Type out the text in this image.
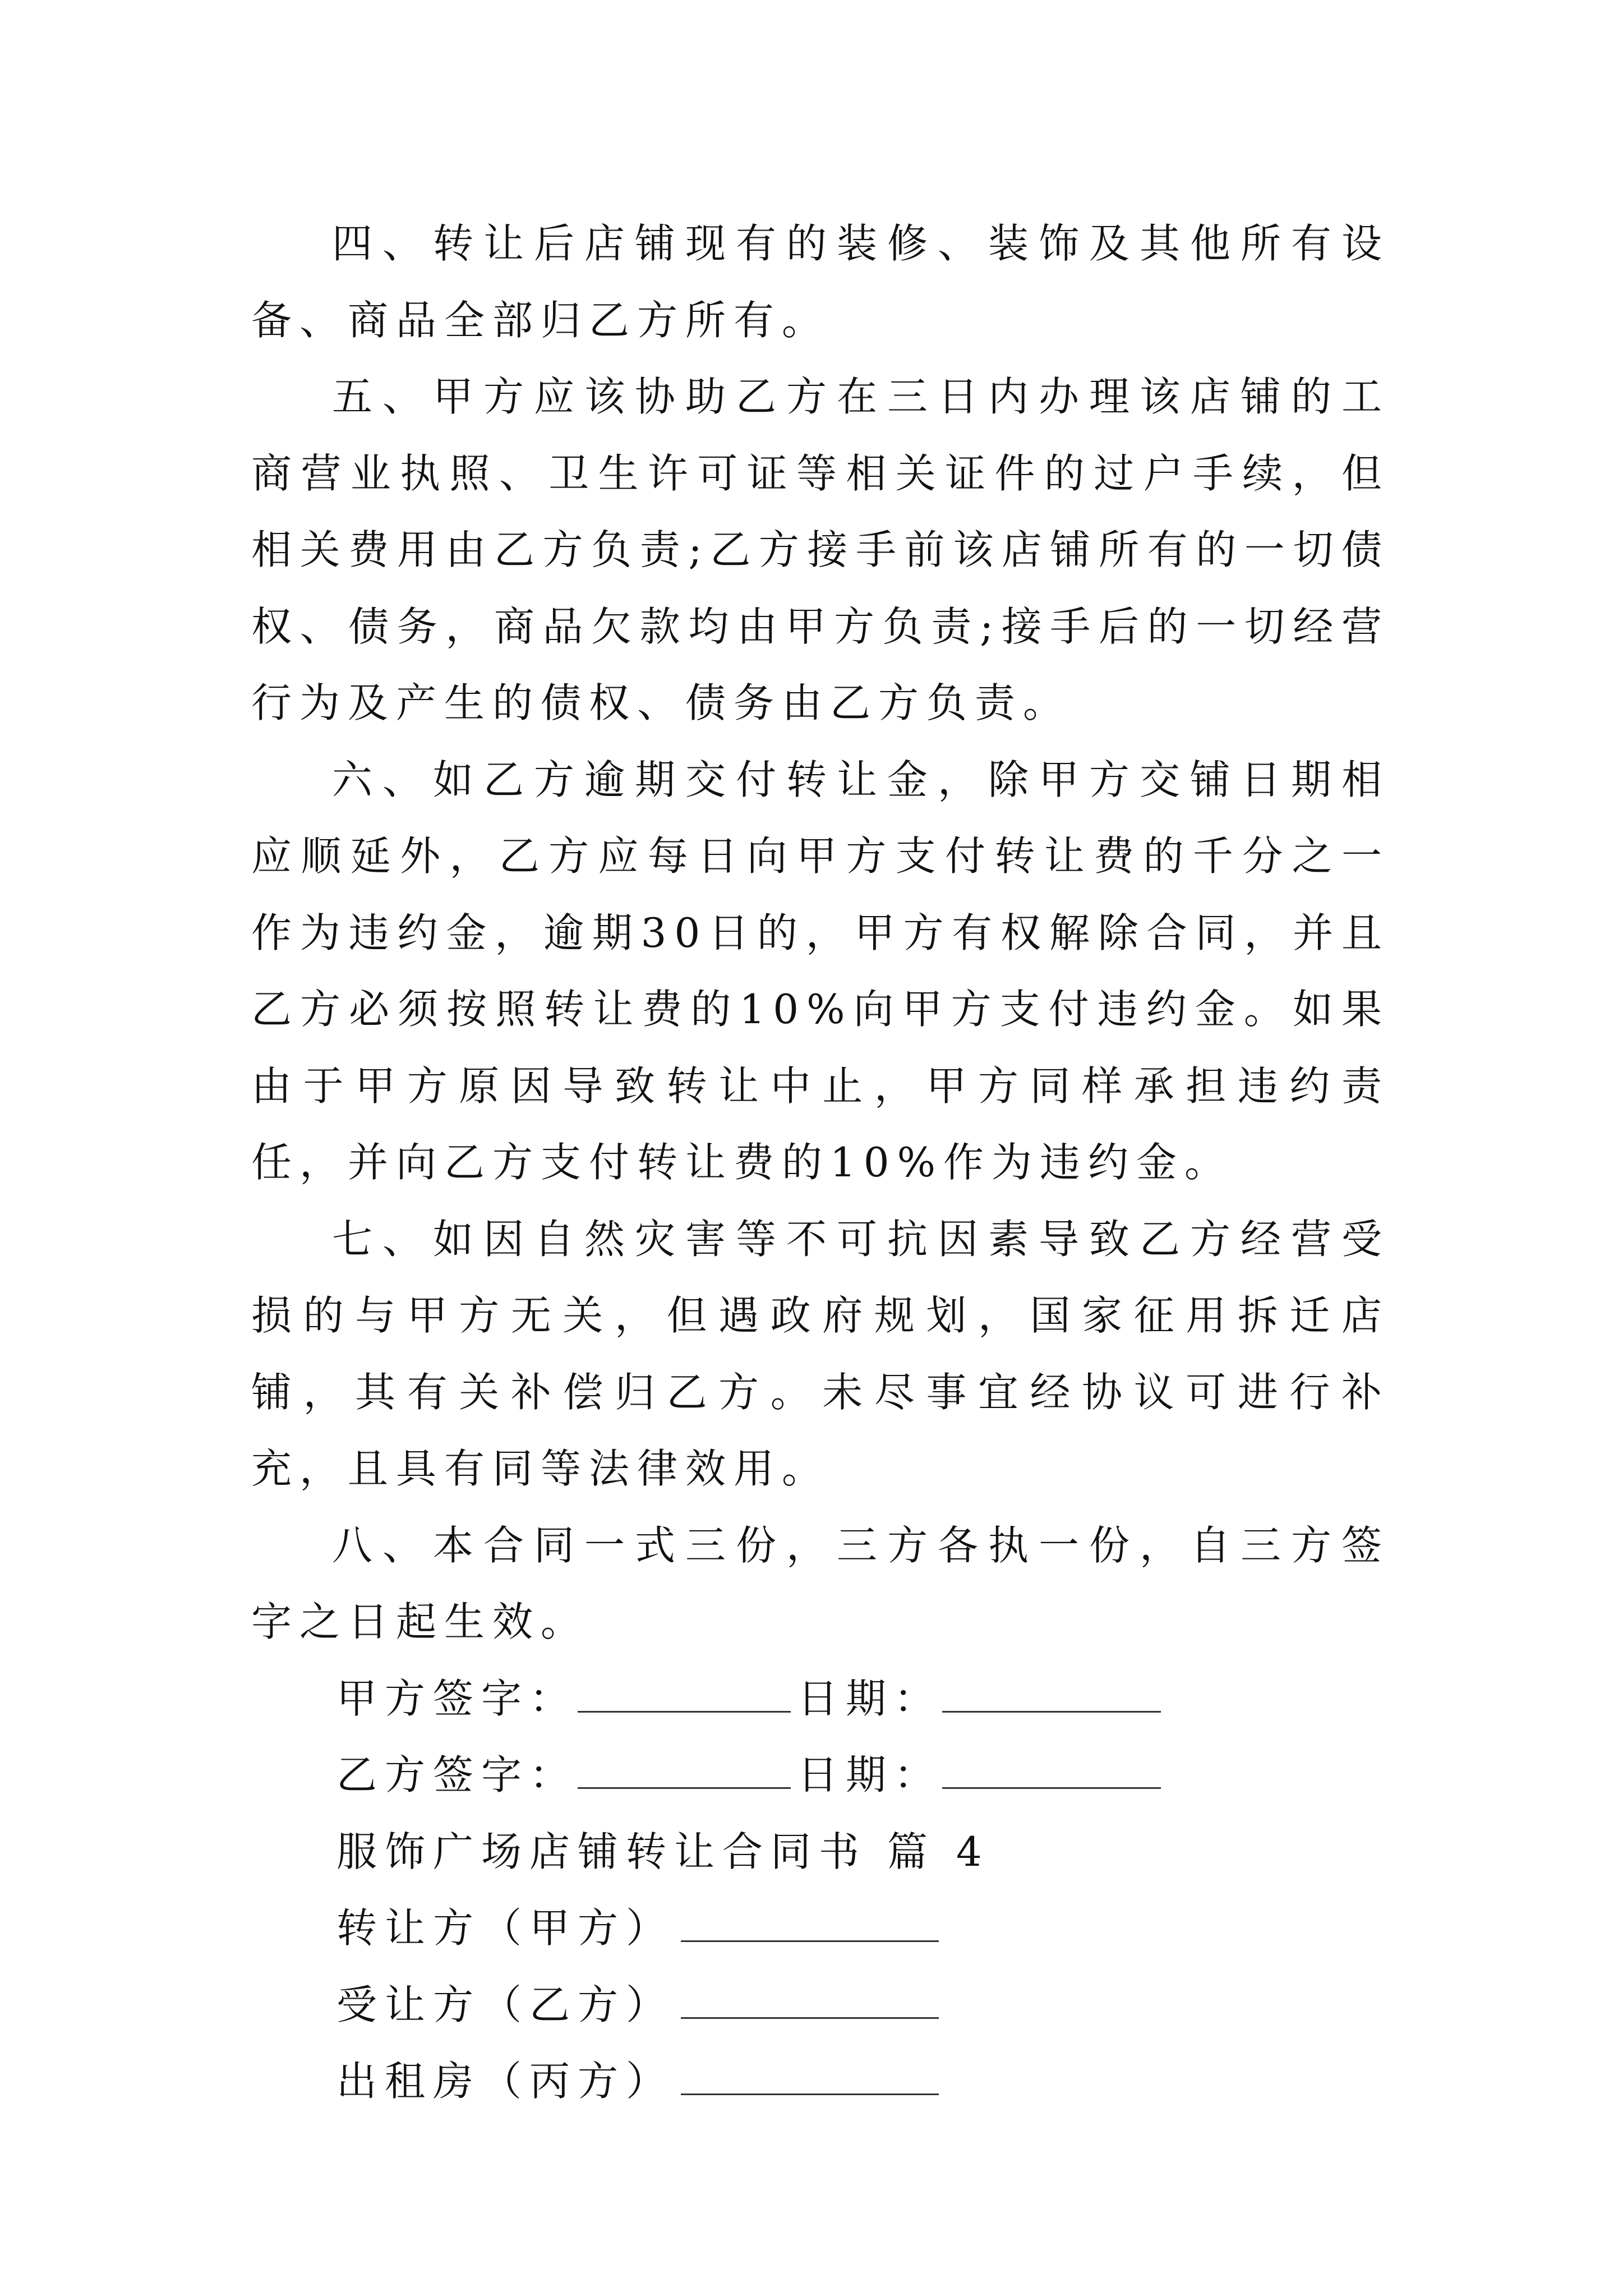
四、转让后店铺现有的装修、装饰及其他所有设备、商品全部归乙方所有。

五、甲方应该协助乙方在三日内办理该店铺的工商营业执照、卫生许可证等相关证件的过户手续，但相关费用由乙方负责;乙方接手前该店铺所有的一切债权、债务，商品欠款均由甲方负责;接手后的一切经营行为及产生的债权、债务由乙方负责。

六、如乙方逾期交付转让金，除甲方交铺日期相应顺延外，乙方应每日向甲方支付转让费的千分之一作为违约金，逾期30日的，甲方有权解除合同，并且乙方必须按照转让费的10%向甲方支付违约金。如果由于甲方原因导致转让中止，甲方同样承担违约责任，并向乙方支付转让费的10%作为违约金。

七、如因自然灾害等不可抗因素导致乙方经营受损的与甲方无关，但遇政府规划，国家征用拆迁店铺，其有关补偿归乙方。未尽事宜经协议可进行补充，且具有同等法律效用。

八、本合同一式三份，三方各执一份，自三方签字之日起生效。

甲方签字：	日期：
乙方签字：	日期：
服饰广场店铺转让合同书 篇 4
转让方（甲方）
受让方（乙方）
出租房（丙方）
